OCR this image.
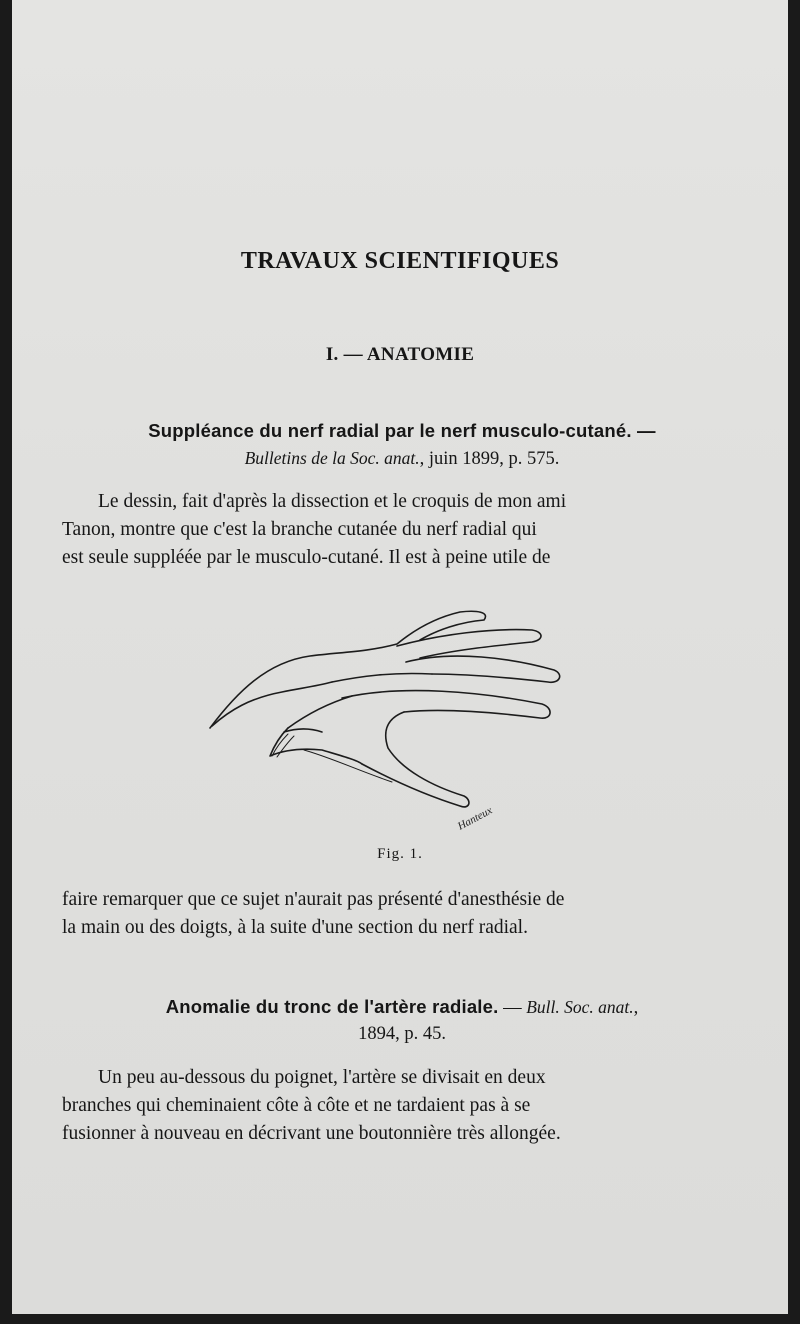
TRAVAUX SCIENTIFIQUES
I. — ANATOMIE
Suppléance du nerf radial par le nerf musculo-cutané. —
Bulletins de la Soc. anat., juin 1899, p. 575.
Le dessin, fait d'après la dissection et le croquis de mon ami
Tanon, montre que c'est la branche cutanée du nerf radial qui
est seule suppléée par le musculo-cutané. Il est à peine utile de
Hanteux
Fig. 1.
faire remarquer que ce sujet n'aurait pas présenté d'anesthésie de
la main ou des doigts, à la suite d'une section du nerf radial.
Anomalie du tronc de l'artère radiale. — Bull. Soc. anat.,
1894, p. 45.
Un peu au-dessous du poignet, l'artère se divisait en deux
branches qui cheminaient côte à côte et ne tardaient pas à se
fusionner à nouveau en décrivant une boutonnière très allongée.
